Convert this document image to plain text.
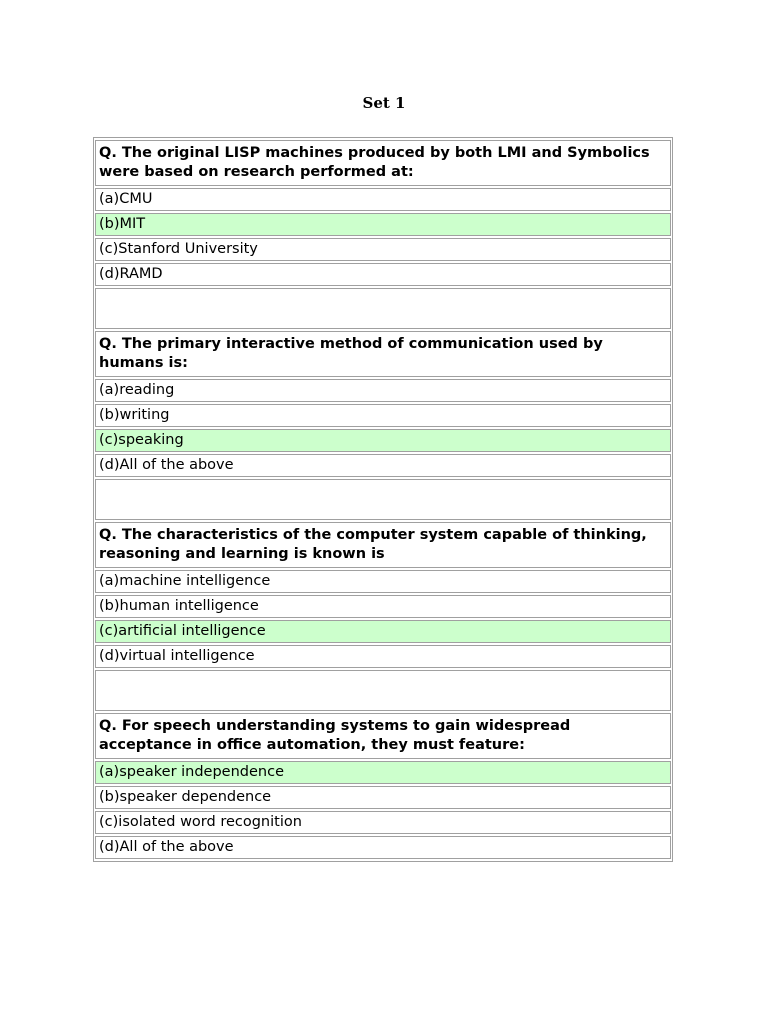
Set 1
Q. The original LISP machines produced by both LMI and Symbolics were based on research performed at:
(a)CMU
(b)MIT
(c)Stanford University
(d)RAMD
Q. The primary interactive method of communication used by humans is:
(a)reading
(b)writing
(c)speaking
(d)All of the above
Q. The characteristics of the computer system capable of thinking, reasoning and learning is known is
(a)machine intelligence
(b)human intelligence
(c)artificial intelligence
(d)virtual intelligence
Q. For speech understanding systems to gain widespread acceptance in office automation, they must feature:
(a)speaker independence
(b)speaker dependence
(c)isolated word recognition
(d)All of the above
